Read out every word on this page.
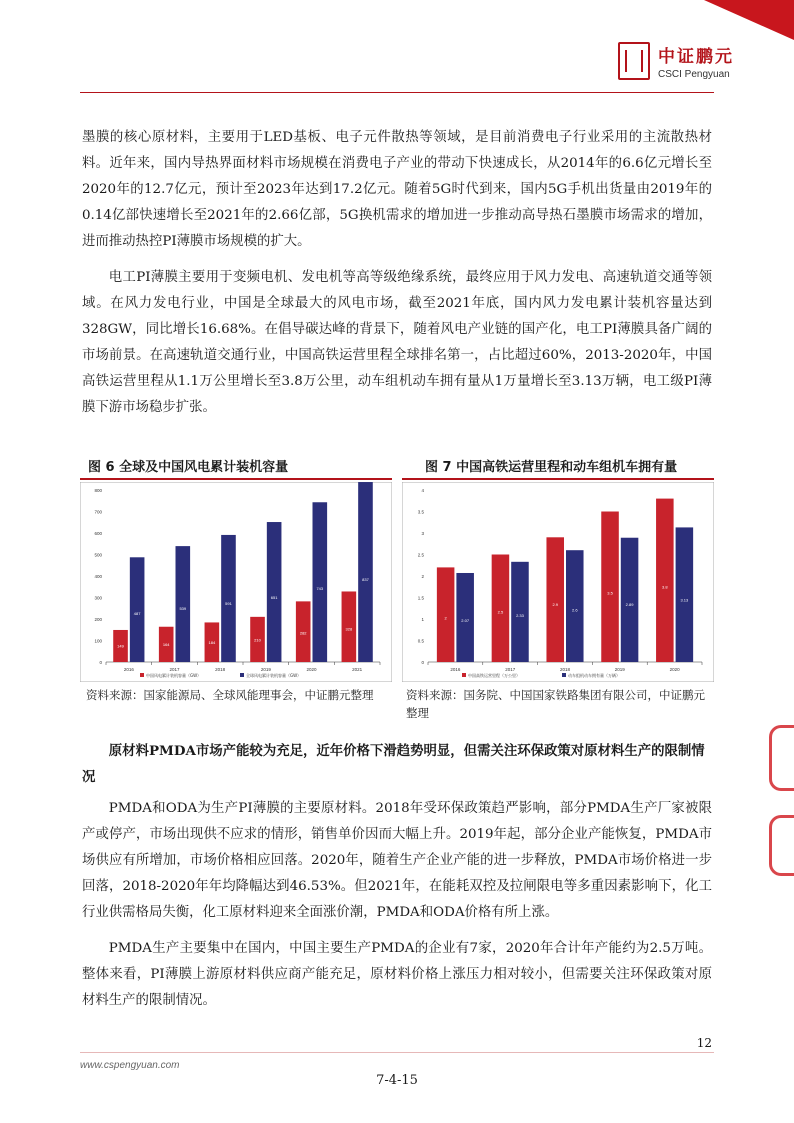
中证鹏元
CSCI Pengyuan

墨膜的核心原材料，主要用于LED基板、电子元件散热等领域，是目前消费电子行业采用的主流散热材料。近年来，国内导热界面材料市场规模在消费电子产业的带动下快速成长，从2014年的6.6亿元增长至2020年的12.7亿元，预计至2023年达到17.2亿元。随着5G时代到来，国内5G手机出货量由2019年的0.14亿部快速增长至2021年的2.66亿部，5G换机需求的增加进一步推动高导热石墨膜市场需求的增加，进而推动热控PI薄膜市场规模的扩大。

电工PI薄膜主要用于变频电机、发电机等高等级绝缘系统，最终应用于风力发电、高速轨道交通等领域。在风力发电行业，中国是全球最大的风电市场，截至2021年底，国内风力发电累计装机容量达到328GW，同比增长16.68%。在倡导碳达峰的背景下，随着风电产业链的国产化，电工PI薄膜具备广阔的市场前景。在高速轨道交通行业，中国高铁运营里程全球排名第一，占比超过60%，2013-2020年，中国高铁运营里程从1.1万公里增长至3.8万公里，动车组机动车拥有量从1万量增长至3.13万辆，电工级PI薄膜下游市场稳步扩张。

图 6 全球及中国风电累计装机容量	图 7 中国高铁运营里程和动车组机车拥有量
0
100
200
300
400
500
600
700
800
2016
149
487
2017
164
539
2018
184
591
2019
210
651
2020
282
743
2021
328
837
中国风电累计装机容量（GW）	全球风电累计装机容量（GW）
0
0.5
1
1.5
2
2.5
3
3.5
4
2016
2
2.07
2017
2.5
2.33
2018
2.9
2.6
2019
3.5
2.89
2020
3.8
3.13
中国高铁运营里程（万公里）	动车组机动车拥有量（万辆）
资料来源：国家能源局、全球风能理事会，中证鹏元整理	资料来源：国务院、中国国家铁路集团有限公司，中证鹏元整理
原材料PMDA市场产能较为充足，近年价格下滑趋势明显，但需关注环保政策对原材料生产的限制情况

PMDA和ODA为生产PI薄膜的主要原材料。2018年受环保政策趋严影响，部分PMDA生产厂家被限产或停产，市场出现供不应求的情形，销售单价因而大幅上升。2019年起，部分企业产能恢复，PMDA市场供应有所增加，市场价格相应回落。2020年，随着生产企业产能的进一步释放，PMDA市场价格进一步回落，2018-2020年年均降幅达到46.53%。但2021年，在能耗双控及拉闸限电等多重因素影响下，化工行业供需格局失衡，化工原材料迎来全面涨价潮，PMDA和ODA价格有所上涨。

PMDA生产主要集中在国内，中国主要生产PMDA的企业有7家，2020年合计年产能约为2.5万吨。整体来看，PI薄膜上游原材料供应商产能充足，原材料价格上涨压力相对较小，但需要关注环保政策对原材料生产的限制情况。

12
www.cspengyuan.com
7-4-15
